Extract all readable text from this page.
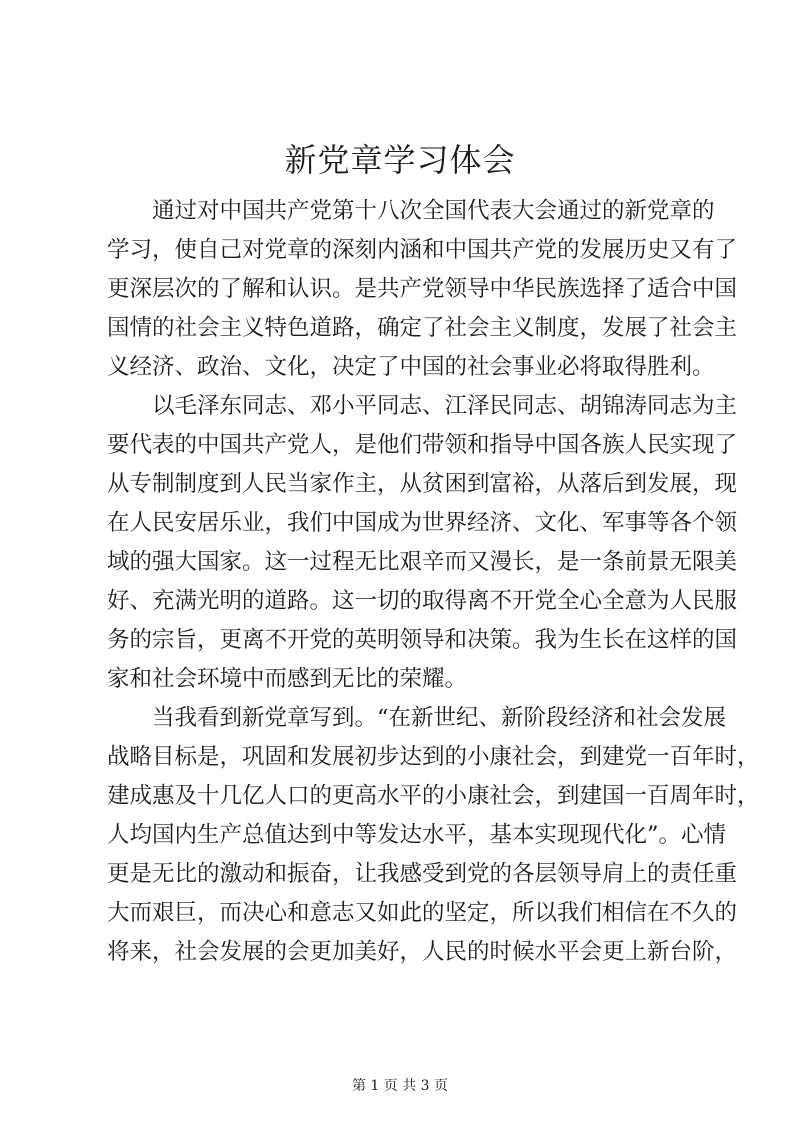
新党章学习体会
通过对中国共产党第十八次全国代表大会通过的新党章的
学习，使自己对党章的深刻内涵和中国共产党的发展历史又有了
更深层次的了解和认识。是共产党领导中华民族选择了适合中国
国情的社会主义特色道路，确定了社会主义制度，发展了社会主
义经济、政治、文化，决定了中国的社会事业必将取得胜利。
以毛泽东同志、邓小平同志、江泽民同志、胡锦涛同志为主
要代表的中国共产党人，是他们带领和指导中国各族人民实现了
从专制制度到人民当家作主，从贫困到富裕，从落后到发展，现
在人民安居乐业，我们中国成为世界经济、文化、军事等各个领
域的强大国家。这一过程无比艰辛而又漫长，是一条前景无限美
好、充满光明的道路。这一切的取得离不开党全心全意为人民服
务的宗旨，更离不开党的英明领导和决策。我为生长在这样的国
家和社会环境中而感到无比的荣耀。
当我看到新党章写到。“在新世纪、新阶段经济和社会发展
战略目标是，巩固和发展初步达到的小康社会，到建党一百年时，
建成惠及十几亿人口的更高水平的小康社会，到建国一百周年时，
人均国内生产总值达到中等发达水平，基本实现现代化”。心情
更是无比的激动和振奋，让我感受到党的各层领导肩上的责任重
大而艰巨，而决心和意志又如此的坚定，所以我们相信在不久的
将来，社会发展的会更加美好，人民的时候水平会更上新台阶，
第 1 页 共 3 页
